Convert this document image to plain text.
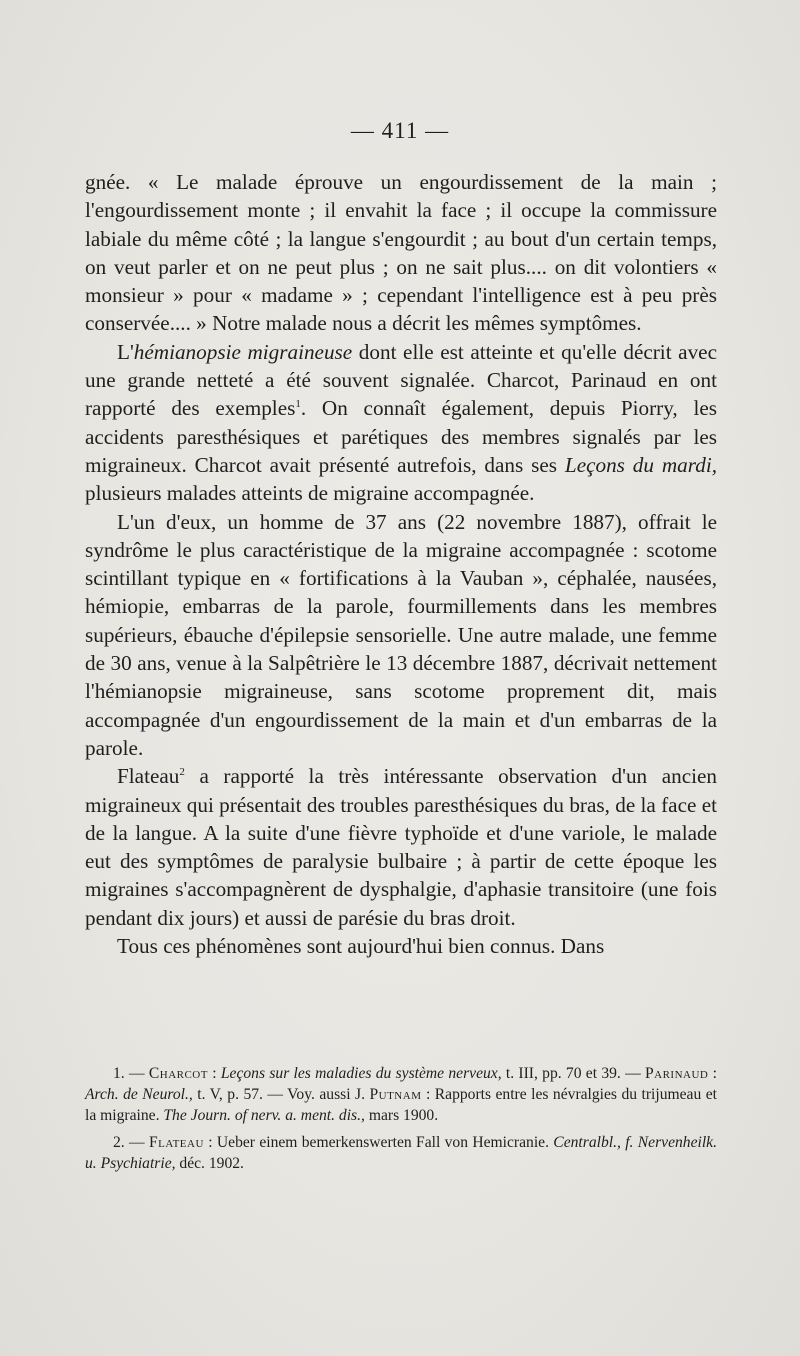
— 411 —

gnée. « Le malade éprouve un engourdissement de la main ; l'engourdissement monte ; il envahit la face ; il occupe la commissure labiale du même côté ; la langue s'engourdit ; au bout d'un certain temps, on veut parler et on ne peut plus ; on ne sait plus.... on dit volontiers « monsieur » pour « madame » ; cependant l'intelligence est à peu près conservée.... » Notre malade nous a décrit les mêmes symptômes.

L'hémianopsie migraineuse dont elle est atteinte et qu'elle décrit avec une grande netteté a été souvent signalée. Charcot, Parinaud en ont rapporté des exemples$^1$. On connaît également, depuis Piorry, les accidents paresthésiques et parétiques des membres signalés par les migraineux. Charcot avait présenté autrefois, dans ses Leçons du mardi, plusieurs malades atteints de migraine accompagnée.

L'un d'eux, un homme de 37 ans (22 novembre 1887), offrait le syndrôme le plus caractéristique de la migraine accompagnée : scotome scintillant typique en « fortifications à la Vauban », céphalée, nausées, hémiopie, embarras de la parole, fourmillements dans les membres supérieurs, ébauche d'épilepsie sensorielle. Une autre malade, une femme de 30 ans, venue à la Salpêtrière le 13 décembre 1887, décrivait nettement l'hémianopsie migraineuse, sans scotome proprement dit, mais accompagnée d'un engourdissement de la main et d'un embarras de la parole.

Flateau$^2$ a rapporté la très intéressante observation d'un ancien migraineux qui présentait des troubles paresthésiques du bras, de la face et de la langue. A la suite d'une fièvre typhoïde et d'une variole, le malade eut des symptômes de paralysie bulbaire ; à partir de cette époque les migraines s'accompagnèrent de dysphalgie, d'aphasie transitoire (une fois pendant dix jours) et aussi de parésie du bras droit.

Tous ces phénomènes sont aujourd'hui bien connus. Dans

1. — Charcot : Leçons sur les maladies du système nerveux, t. III, pp. 70 et 39. — Parinaud : Arch. de Neurol., t. V, p. 57. — Voy. aussi J. Putnam : Rapports entre les névralgies du trijumeau et la migraine. The Journ. of nerv. a. ment. dis., mars 1900.

2. — Flateau : Ueber einem bemerkenswerten Fall von Hemicranie. Centralbl., f. Nervenheilk. u. Psychiatrie, déc. 1902.
